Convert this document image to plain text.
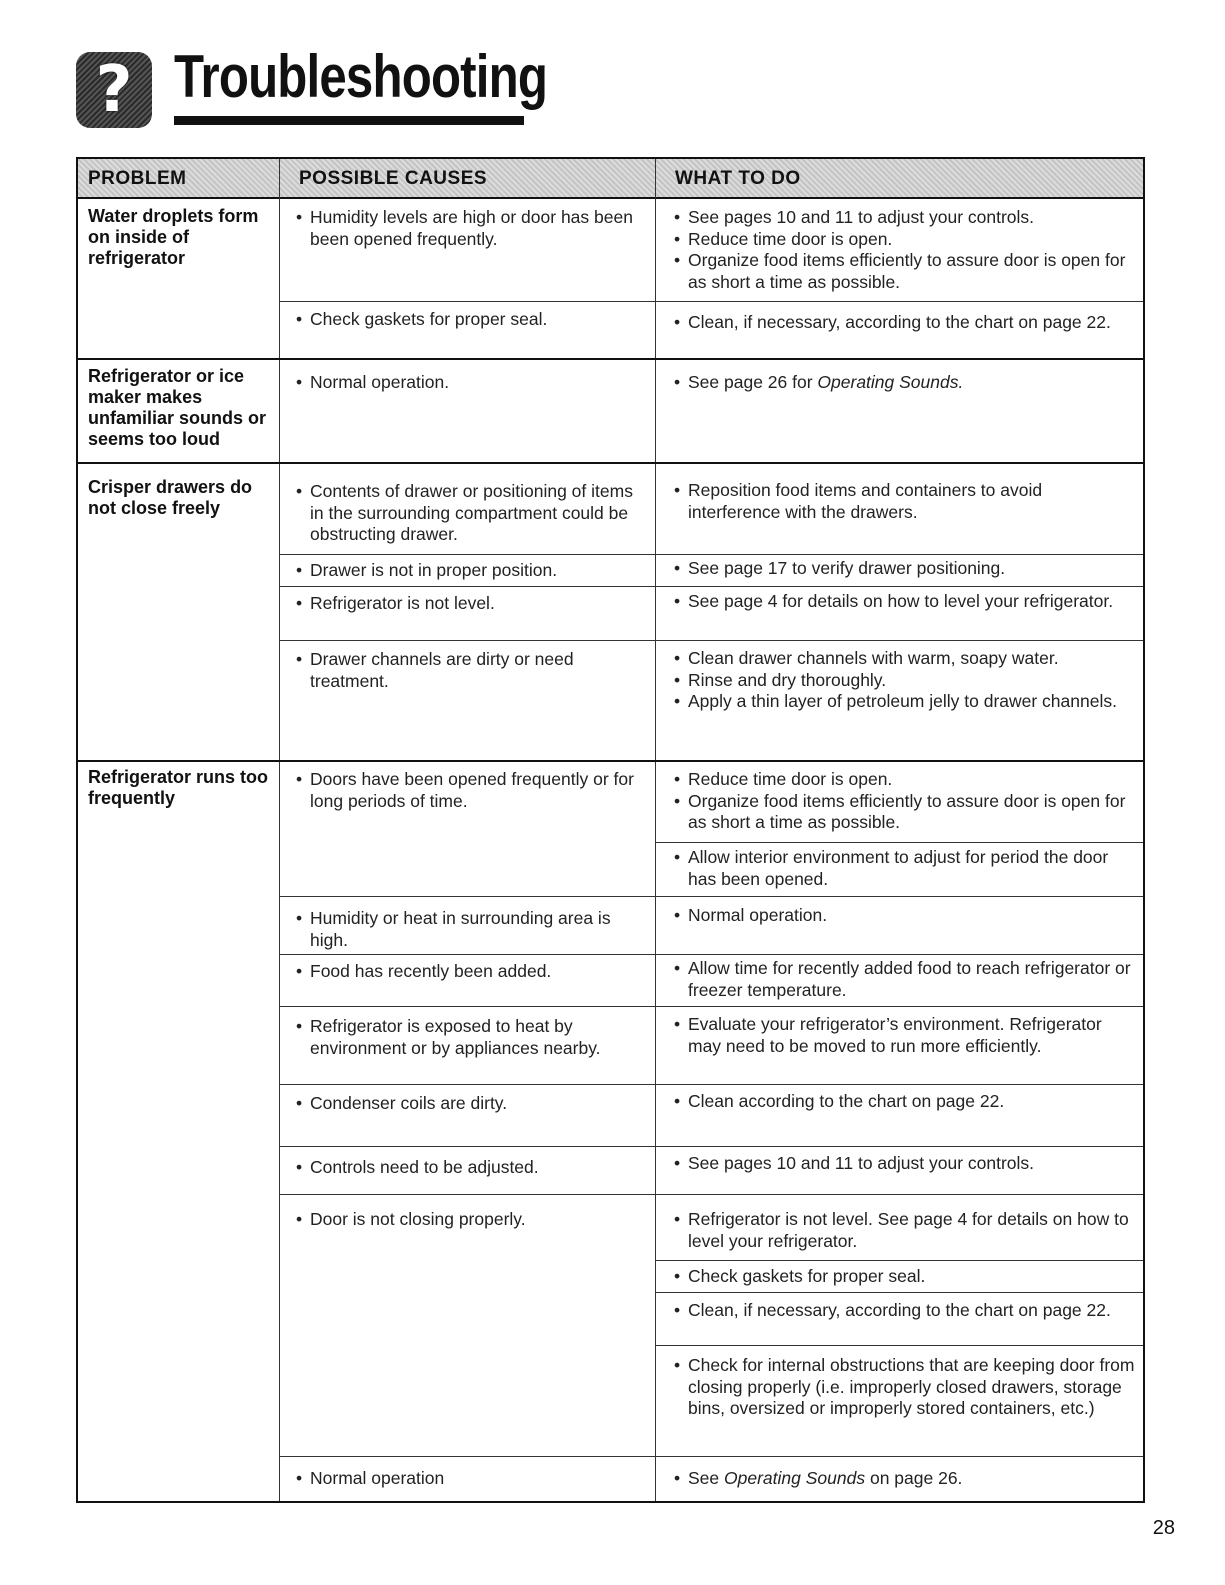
? Troubleshooting
PROBLEM	POSSIBLE CAUSES	WHAT TO DO
Water droplets form on inside of refrigerator
Refrigerator or ice maker makes unfamiliar sounds or seems too loud
Crisper drawers do not close freely
Refrigerator runs too frequently
• Humidity levels are high or door has been been opened frequently.
• Check gaskets for proper seal.
• Normal operation.
• Contents of drawer or positioning of items in the surrounding compartment could be obstructing drawer.
• Drawer is not in proper position.
• Refrigerator is not level.
• Drawer channels are dirty or need treatment.
• Doors have been opened frequently or for long periods of time.
• Humidity or heat in surrounding area is high.
• Food has recently been added.
• Refrigerator is exposed to heat by environment or by appliances nearby.
• Condenser coils are dirty.
• Controls need to be adjusted.
• Door is not closing properly.
• Normal operation
• See pages 10 and 11 to adjust your controls.
• Reduce time door is open.
• Organize food items efficiently to assure door is open for as short a time as possible.
• Clean, if necessary, according to the chart on page 22.
• See page 26 for Operating Sounds.
• Reposition food items and containers to avoid interference with the drawers.
• See page 17 to verify drawer positioning.
• See page 4 for details on how to level your refrigerator.
• Clean drawer channels with warm, soapy water.
• Rinse and dry thoroughly.
• Apply a thin layer of petroleum jelly to drawer channels.
• Reduce time door is open.
• Organize food items efficiently to assure door is open for as short a time as possible.
• Allow interior environment to adjust for period the door has been opened.
• Normal operation.
• Allow time for recently added food to reach refrigerator or freezer temperature.
• Evaluate your refrigerator’s environment. Refrigerator may need to be moved to run more efficiently.
• Clean according to the chart on page 22.
• See pages 10 and 11 to adjust your controls.
• Refrigerator is not level. See page 4 for details on how to level your refrigerator.
• Check gaskets for proper seal.
• Clean, if necessary, according to the chart on page 22.
• Check for internal obstructions that are keeping door from closing properly (i.e. improperly closed drawers, storage bins, oversized or improperly stored containers, etc.)
• See Operating Sounds on page 26.
28
